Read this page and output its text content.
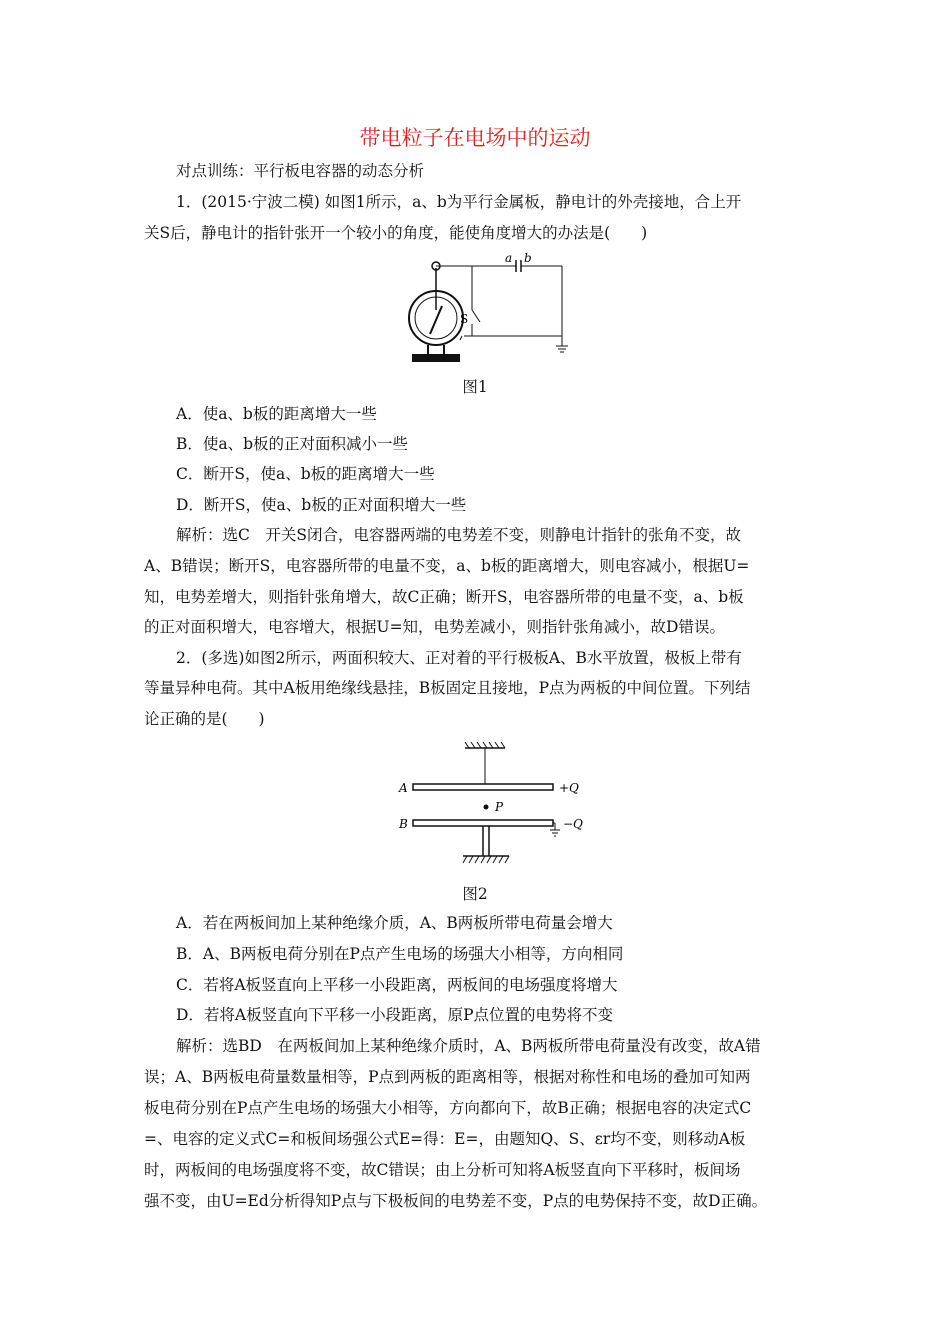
带电粒子在电场中的运动
对点训练：平行板电容器的动态分析
1．(2015·宁波二模) 如图1所示，a、b为平行金属板，静电计的外壳接地，合上开
关S后，静电计的指针张开一个较小的角度，能使角度增大的办法是(　　)
a b
S
图1
A．使a、b板的距离增大一些
B．使a、b板的正对面积减小一些
C．断开S，使a、b板的距离增大一些
D．断开S，使a、b板的正对面积增大一些
解析：选C　开关S闭合，电容器两端的电势差不变，则静电计指针的张角不变，故
A、B错误；断开S，电容器所带的电量不变，a、b板的距离增大，则电容减小，根据U=
知，电势差增大，则指针张角增大，故C正确；断开S，电容器所带的电量不变，a、b板
的正对面积增大，电容增大，根据U=知，电势差减小，则指针张角减小，故D错误。
2．(多选)如图2所示，两面积较大、正对着的平行极板A、B水平放置，极板上带有
等量异种电荷。其中A板用绝缘线悬挂，B板固定且接地，P点为两板的中间位置。下列结
论正确的是(　　)
A
B
P
+Q
−Q
图2
A．若在两板间加上某种绝缘介质，A、B两板所带电荷量会增大
B．A、B两板电荷分别在P点产生电场的场强大小相等，方向相同
C．若将A板竖直向上平移一小段距离，两板间的电场强度将增大
D．若将A板竖直向下平移一小段距离，原P点位置的电势将不变
解析：选BD　在两板间加上某种绝缘介质时，A、B两板所带电荷量没有改变，故A错
误；A、B两板电荷量数量相等，P点到两板的距离相等，根据对称性和电场的叠加可知两
板电荷分别在P点产生电场的场强大小相等，方向都向下，故B正确；根据电容的决定式C
=、电容的定义式C=和板间场强公式E=得：E=，由题知Q、S、εr均不变，则移动A板
时，两板间的电场强度将不变，故C错误；由上分析可知将A板竖直向下平移时，板间场
强不变，由U=Ed分析得知P点与下极板间的电势差不变，P点的电势保持不变，故D正确。
